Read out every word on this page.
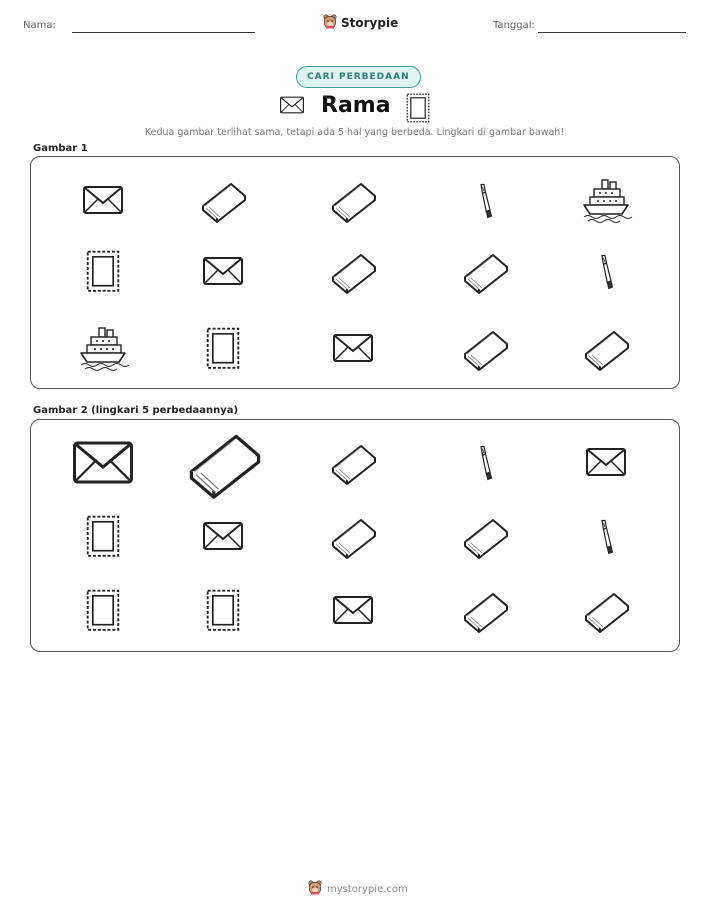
Nama:	Storypie	Tanggal:
CARI PERBEDAAN
Rama
Kedua gambar terlihat sama, tetapi ada 5 hal yang berbeda. Lingkari di gambar bawah!
Gambar 1
Gambar 2 (lingkari 5 perbedaannya)
mystorypie.com
